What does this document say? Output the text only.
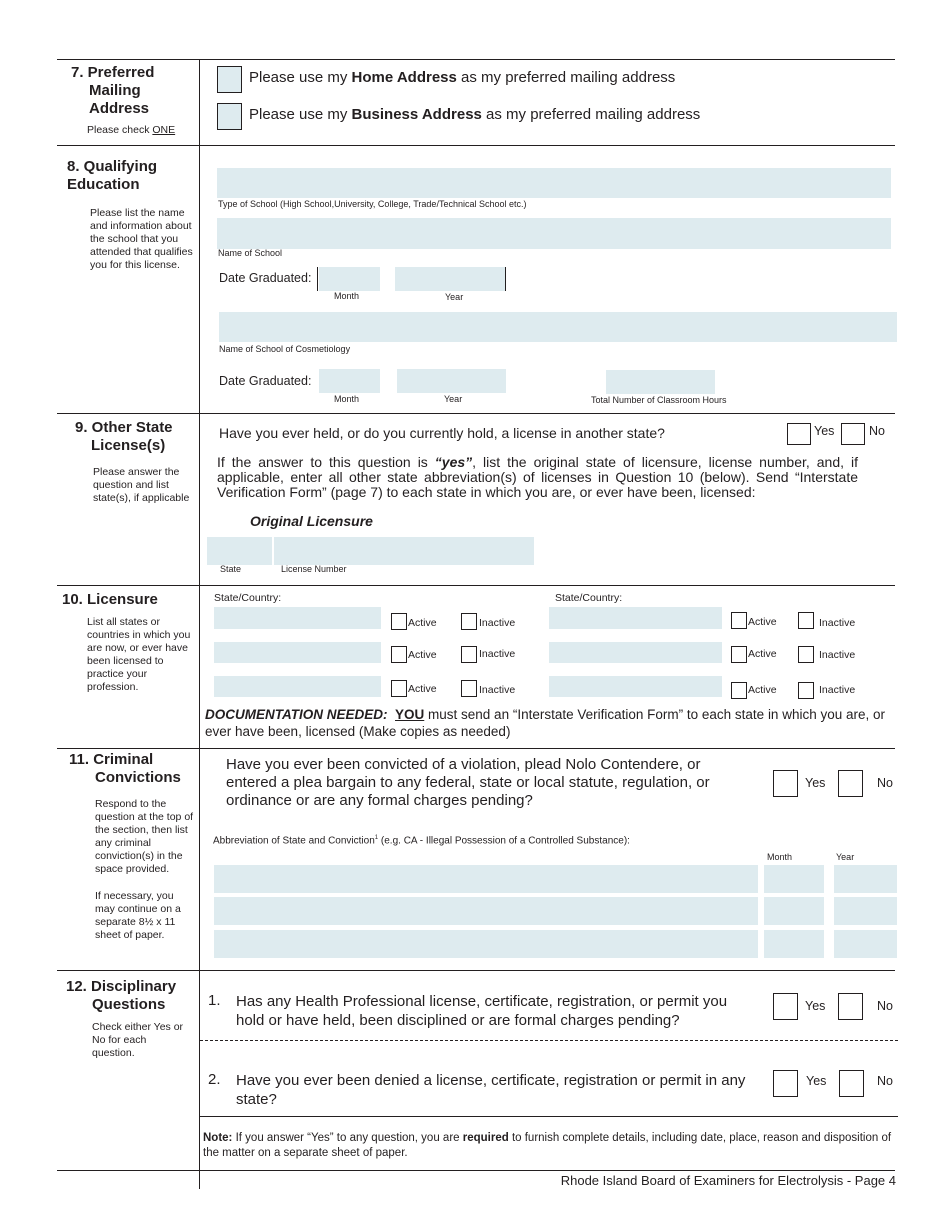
7. Preferred Mailing Address
Please check ONE
Please use my Home Address as my preferred mailing address
Please use my Business Address as my preferred mailing address
8. Qualifying Education
Please list the name and information about the school that you attended that qualifies you for this license.
Type of School (High School,University, College, Trade/Technical School etc.)
Name of School
Date Graduated:
Month	Year
Name of School of Cosmetiology
Date Graduated:
Month	Year	Total Number of Classroom Hours
9. Other State License(s)
Please answer the question and list state(s), if applicable
Have you ever held, or do you currently hold, a license in another state?	Yes	No
If the answer to this question is “yes”, list the original state of licensure, license number, and, if applicable, enter all other state abbreviation(s) of licenses in Question 10 (below). Send “Interstate Verification Form” (page 7) to each state in which you are, or ever have been, licensed:
Original Licensure
State	License Number
10. Licensure
List all states or countries in which you are now, or ever have been licensed to practice your profession.
State/Country:	State/Country:
Active	Inactive	Active	Inactive
Active	Inactive	Active	Inactive
Active	Inactive	Active	Inactive
DOCUMENTATION NEEDED: YOU must send an “Interstate Verification Form” to each state in which you are, or ever have been, licensed (Make copies as needed)
11. Criminal Convictions
Respond to the question at the top of the section, then list any criminal conviction(s) in the space provided.
If necessary, you may continue on a separate 8½ x 11 sheet of paper.
Have you ever been convicted of a violation, plead Nolo Contendere, or entered a plea bargain to any federal, state or local statute, regulation, or ordinance or are any formal charges pending?
Yes	No
Abbreviation of State and Conviction$^1$ (e.g. CA - Illegal Possession of a Controlled Substance):
Month	Year
12. Disciplinary Questions
Check either Yes or No for each question.
1. Has any Health Professional license, certificate, registration, or permit you hold or have held, been disciplined or are formal charges pending?
Yes	No
2. Have you ever been denied a license, certificate, registration or permit in any state?
Yes	No
Note: If you answer “Yes” to any question, you are required to furnish complete details, including date, place, reason and disposition of the matter on a separate sheet of paper.
Rhode Island Board of Examiners for Electrolysis - Page 4
